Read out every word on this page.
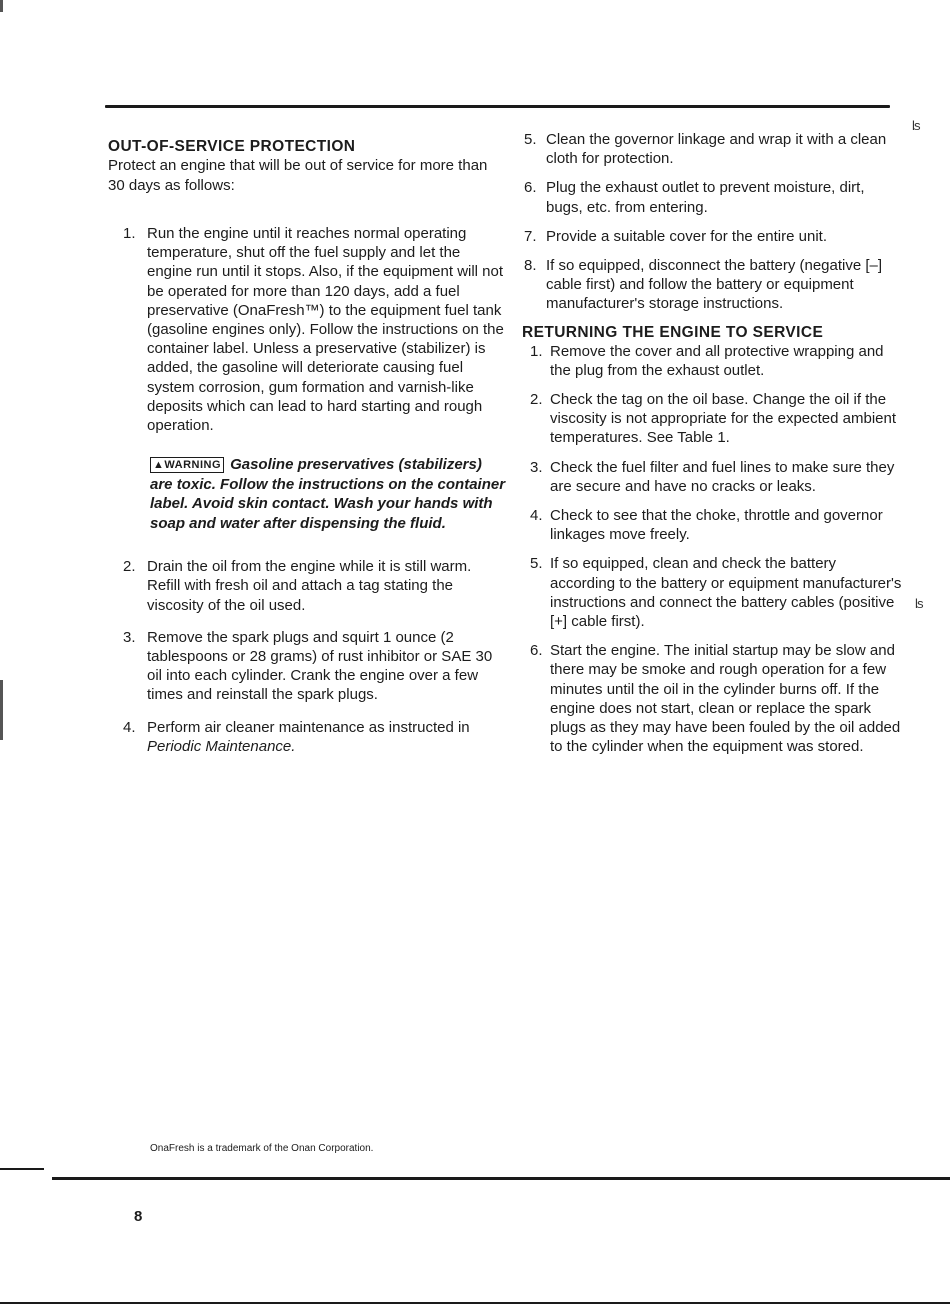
OUT-OF-SERVICE PROTECTION

Protect an engine that will be out of service for more than 30 days as follows:

1. Run the engine until it reaches normal operating temperature, shut off the fuel supply and let the engine run until it stops. Also, if the equipment will not be operated for more than 120 days, add a fuel preservative (OnaFresh™) to the equipment fuel tank (gasoline engines only). Follow the instructions on the container label. Unless a preservative (stabilizer) is added, the gasoline will deteriorate causing fuel system corrosion, gum formation and varnish-like deposits which can lead to hard starting and rough operation.
▲WARNING Gasoline preservatives (stabilizers) are toxic. Follow the instructions on the container label. Avoid skin contact. Wash your hands with soap and water after dispensing the fluid.
2. Drain the oil from the engine while it is still warm. Refill with fresh oil and attach a tag stating the viscosity of the oil used.
3. Remove the spark plugs and squirt 1 ounce (2 tablespoons or 28 grams) of rust inhibitor or SAE 30 oil into each cylinder. Crank the engine over a few times and reinstall the spark plugs.
4. Perform air cleaner maintenance as instructed in Periodic Maintenance.
5. Clean the governor linkage and wrap it with a clean cloth for protection.
6. Plug the exhaust outlet to prevent moisture, dirt, bugs, etc. from entering.
7. Provide a suitable cover for the entire unit.
8. If so equipped, disconnect the battery (negative [–] cable first) and follow the battery or equipment manufacturer's storage instructions.
RETURNING THE ENGINE TO SERVICE
1. Remove the cover and all protective wrapping and the plug from the exhaust outlet.
2. Check the tag on the oil base. Change the oil if the viscosity is not appropriate for the expected ambient temperatures. See Table 1.
3. Check the fuel filter and fuel lines to make sure they are secure and have no cracks or leaks.
4. Check to see that the choke, throttle and governor linkages move freely.
5. If so equipped, clean and check the battery according to the battery or equipment manufacturer's instructions and connect the battery cables (positive [+] cable first).
6. Start the engine. The initial startup may be slow and there may be smoke and rough operation for a few minutes until the oil in the cylinder burns off. If the engine does not start, clean or replace the spark plugs as they may have been fouled by the oil added to the cylinder when the equipment was stored.
ʪ
ʪ
OnaFresh is a trademark of the Onan Corporation.
8
